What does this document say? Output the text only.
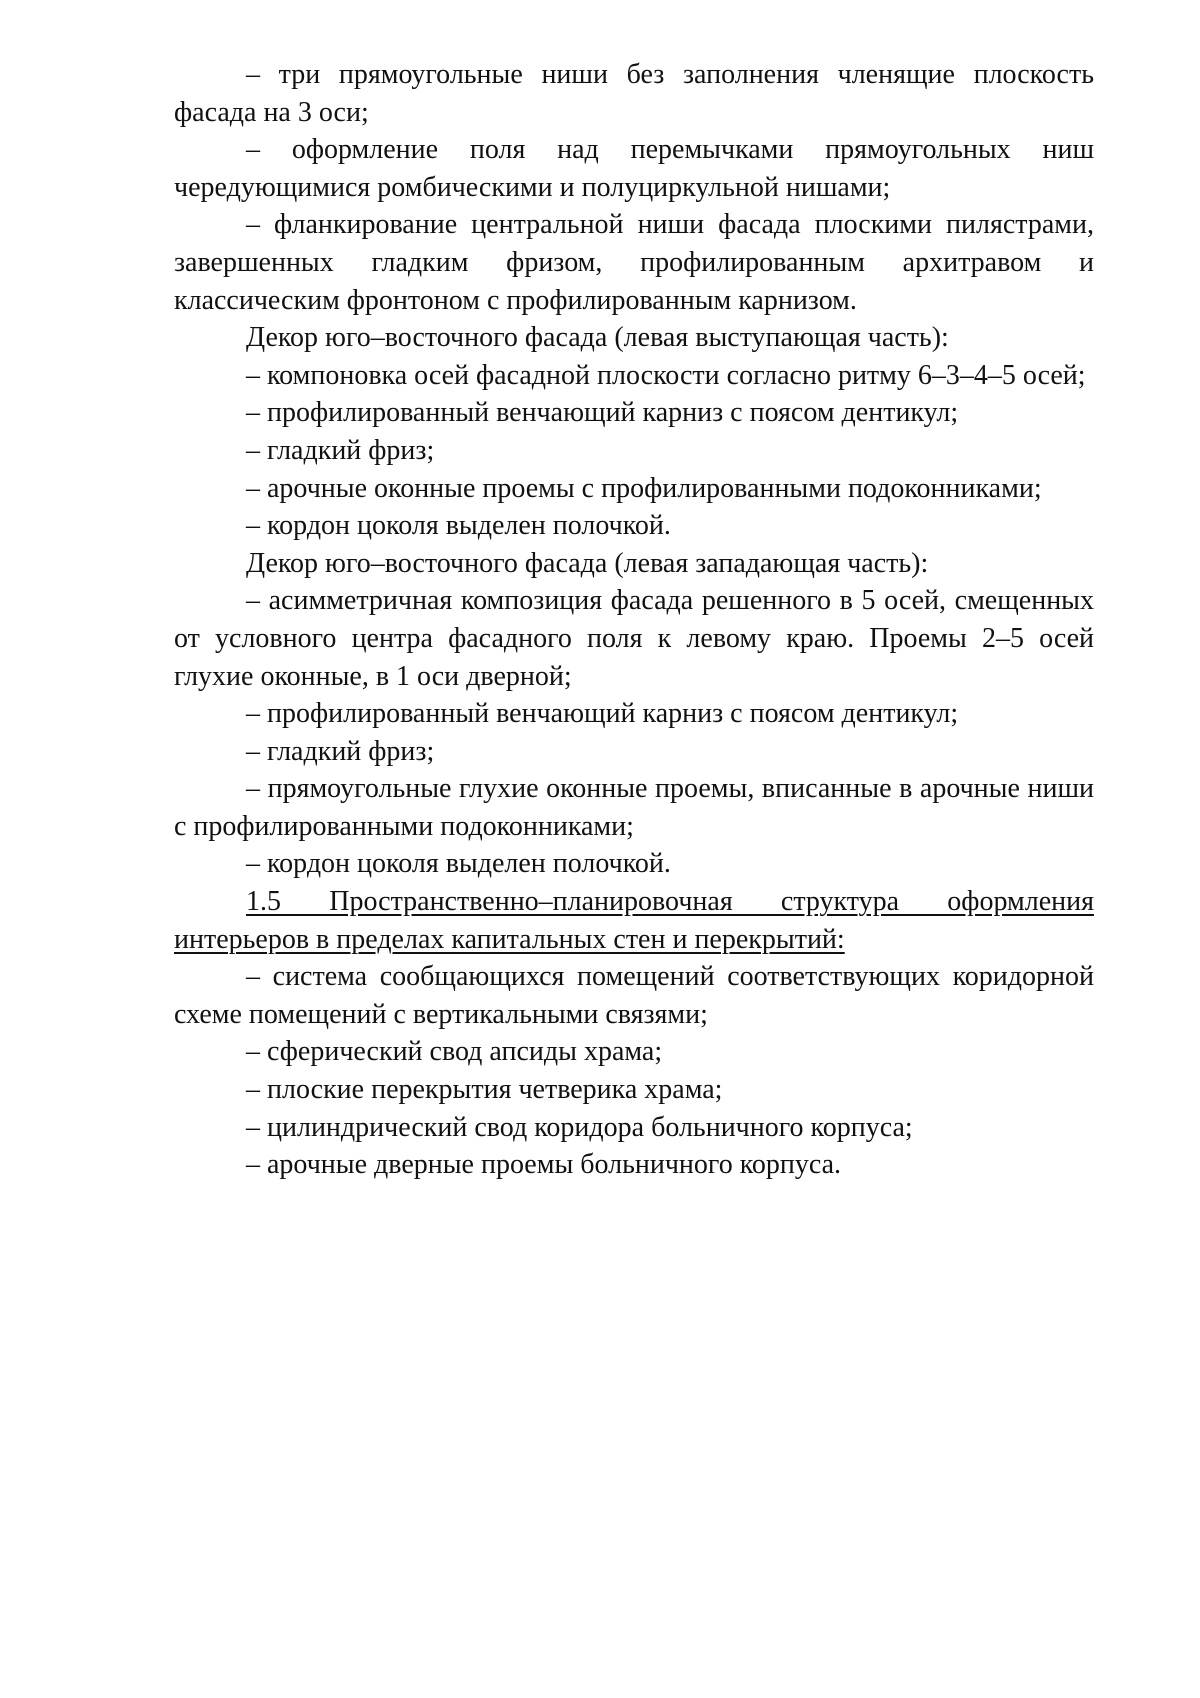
– три прямоугольные ниши без заполнения членящие плоскость фасада на 3 оси;

– оформление поля над перемычками прямоугольных ниш чередующимися ромбическими и полуциркульной нишами;

– фланкирование центральной ниши фасада плоскими пилястрами, завершенных гладким фризом, профилированным архитравом и классическим фронтоном с профилированным карнизом.

Декор юго–восточного фасада (левая выступающая часть):

– компоновка осей фасадной плоскости согласно ритму 6–3–4–5 осей;

– профилированный венчающий карниз с поясом дентикул;

– гладкий фриз;

– арочные оконные проемы с профилированными подоконниками;

– кордон цоколя выделен полочкой.

Декор юго–восточного фасада (левая западающая часть):

– асимметричная композиция фасада решенного в 5 осей, смещенных от условного центра фасадного поля к левому краю. Проемы 2–5 осей глухие оконные, в 1 оси дверной;

– профилированный венчающий карниз с поясом дентикул;

– гладкий фриз;

– прямоугольные глухие оконные проемы, вписанные в арочные ниши с профилированными подоконниками;

– кордон цоколя выделен полочкой.

1.5 Пространственно–планировочная структура оформления интерьеров в пределах капитальных стен и перекрытий:

– система сообщающихся помещений соответствующих коридорной схеме помещений с вертикальными связями;

– сферический свод апсиды храма;

– плоские перекрытия четверика храма;

– цилиндрический свод коридора больничного корпуса;

– арочные дверные проемы больничного корпуса.
